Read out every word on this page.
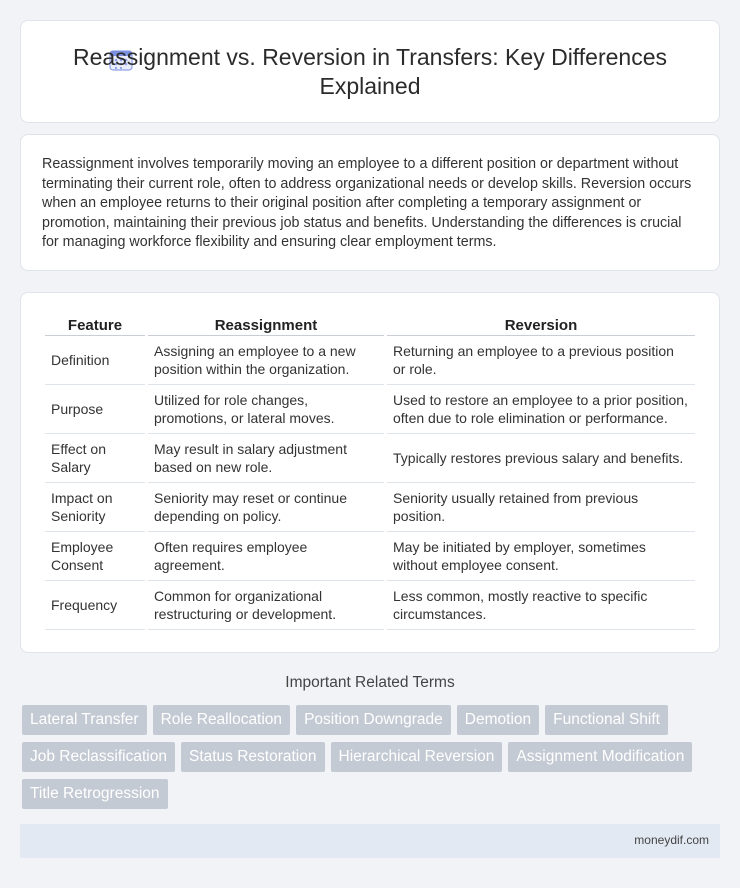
Reassignment vs. Reversion in Transfers: Key Differences Explained

Reassignment involves temporarily moving an employee to a different position or department without terminating their current role, often to address organizational needs or develop skills. Reversion occurs when an employee returns to their original position after completing a temporary assignment or promotion, maintaining their previous job status and benefits. Understanding the differences is crucial for managing workforce flexibility and ensuring clear employment terms.

Feature	Reassignment	Reversion
Definition	Assigning an employee to a new position within the organization.	Returning an employee to a previous position or role.
Purpose	Utilized for role changes, promotions, or lateral moves.	Used to restore an employee to a prior position, often due to role elimination or performance.
Effect on Salary	May result in salary adjustment based on new role.	Typically restores previous salary and benefits.
Impact on Seniority	Seniority may reset or continue depending on policy.	Seniority usually retained from previous position.
Employee Consent	Often requires employee agreement.	May be initiated by employer, sometimes without employee consent.
Frequency	Common for organizational restructuring or development.	Less common, mostly reactive to specific circumstances.
Important Related Terms
Lateral Transfer	Role Reallocation	Position Downgrade	Demotion	Functional Shift
Job Reclassification	Status Restoration	Hierarchical Reversion	Assignment Modification
Title Retrogression
moneydif.com
